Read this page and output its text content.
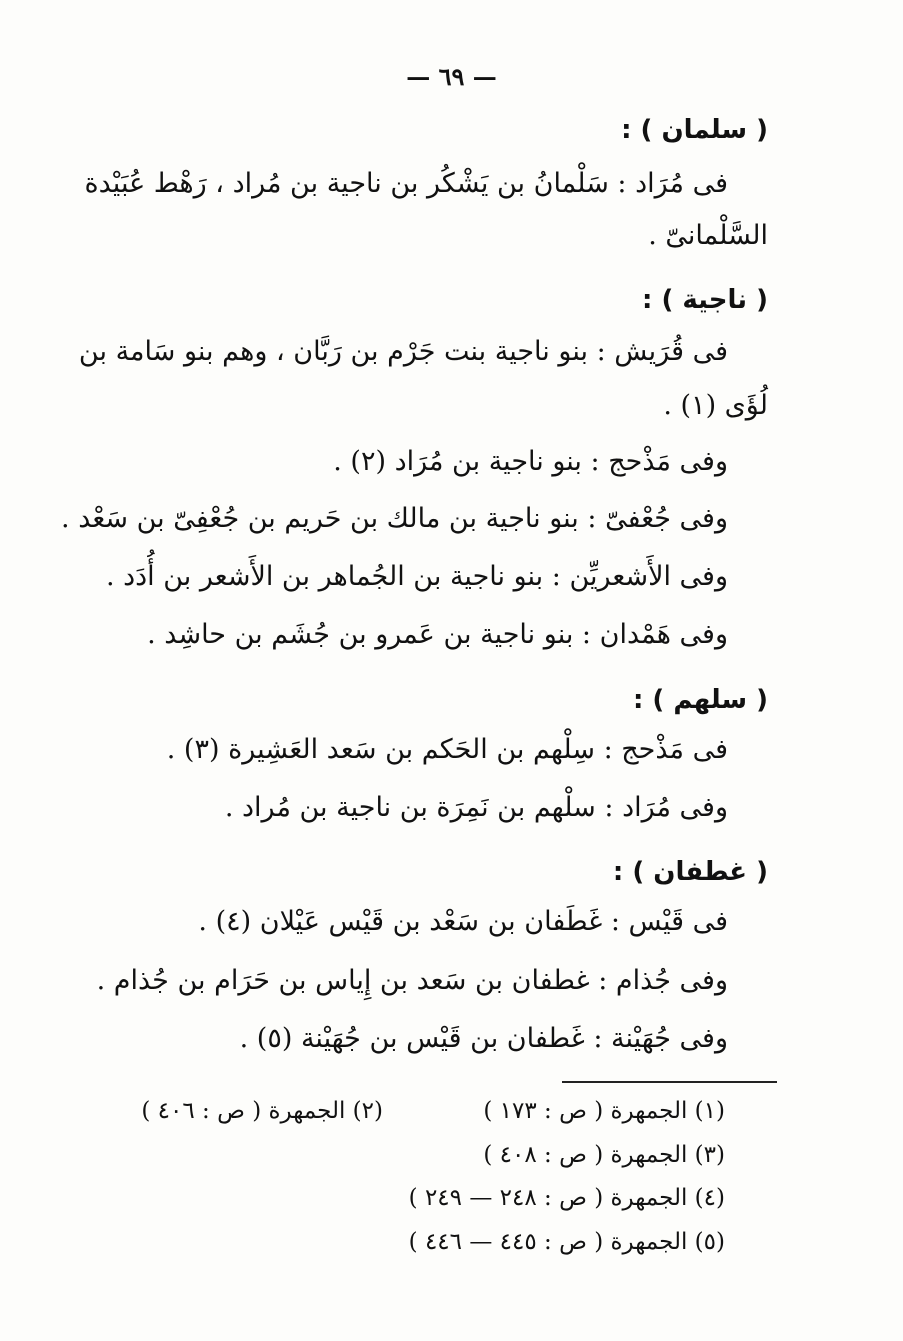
— ٦٩ —
( سلمان ) :
فى مُرَاد : سَلْمانُ بن يَشْكُر بن ناجية بن مُراد ، رَهْط عُبَيْدة
السَّلْمانىّ .
( ناجية ) :
فى قُرَيش : بنو ناجية بنت جَرْم بن رَبَّان ، وهم بنو سَامة بن
لُؤَى (١) .
وفى مَذْحج : بنو ناجية بن مُرَاد (٢) .
وفى جُعْفىّ : بنو ناجية بن مالك بن حَريم بن جُعْفِىّ بن سَعْد .
وفى الأَشعريِّن : بنو ناجية بن الجُماهر بن الأَشعر بن أُدَد .
وفى هَمْدان : بنو ناجية بن عَمرو بن جُشَم بن حاشِد .
( سلهم ) :
فى مَذْحج : سِلْهم بن الحَكم بن سَعد العَشِيرة (٣) .
وفى مُرَاد : سلْهم بن نَمِرَة بن ناجية بن مُراد .
( غطفان ) :
فى قَيْس : غَطَفان بن سَعْد بن قَيْس عَيْلان (٤) .
وفى جُذام : غطفان بن سَعد بن إِياس بن حَرَام بن جُذام .
وفى جُهَيْنة : غَطفان بن قَيْس بن جُهَيْنة (٥) .
(١) الجمهرة ( ص : ١٧٣ )
(٢) الجمهرة ( ص : ٤٠٦ )
(٣) الجمهرة ( ص : ٤٠٨ )
(٤) الجمهرة ( ص : ٢٤٨ — ٢٤٩ )
(٥) الجمهرة ( ص : ٤٤٥ — ٤٤٦ )
